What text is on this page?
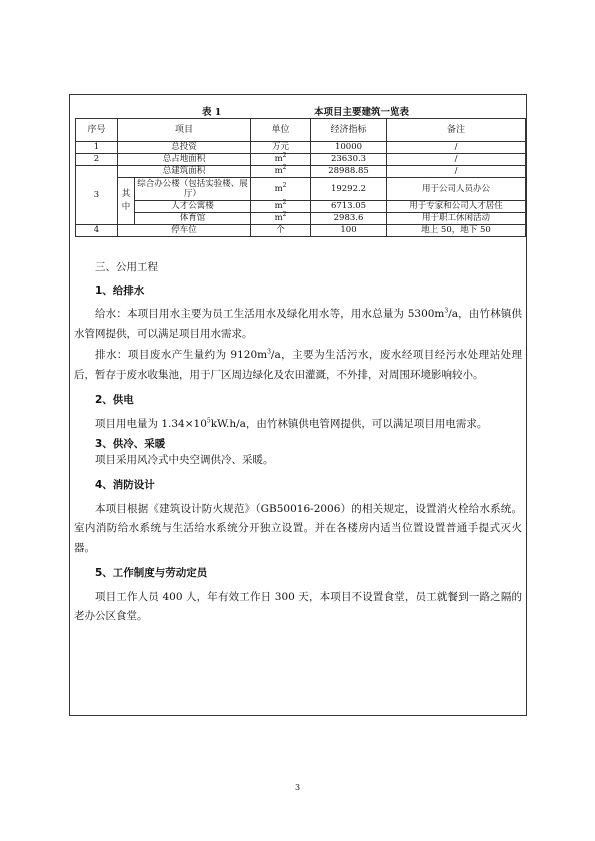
表 1	本项目主要建筑一览表
序号	项目		单位	经济指标	备注
1	总投资		万元	10000	/
2	总占地面积		$m^2$	23630.3	/
3	总建筑面积		$m^2$	28988.85	/
	其中	综合办公楼（包括实验楼、展厅）	$m^2$	19292.2	用于公司人员办公
		人才公寓楼	$m^2$	6713.05	用于专家和公司人才居住
		体育馆	$m^2$	2983.6	用于职工休闲活动
4	停车位		个	100	地上 50，地下 50
三、公用工程
1、给排水

给水：本项目用水主要为员工生活用水及绿化用水等，用水总量为 $5300m^3/a$，由竹林镇供水管网提供，可以满足项目用水需求。

排水：项目废水产生量约为 $9120m^3/a$，主要为生活污水，废水经项目经污水处理站处理后，暂存于废水收集池，用于厂区周边绿化及农田灌溉，不外排，对周围环境影响较小。

2、供电

项目用电量为 $1.34\times 10^5kW.h/a$，由竹林镇供电管网提供，可以满足项目用电需求。

3、供冷、采暖

项目采用风冷式中央空调供冷、采暖。

4、消防设计

本项目根据《建筑设计防火规范》（GB50016-2006）的相关规定，设置消火栓给水系统。室内消防给水系统与生活给水系统分开独立设置。并在各楼房内适当位置设置普通手提式灭火器。

5、工作制度与劳动定员

项目工作人员 400 人，年有效工作日 300 天，本项目不设置食堂，员工就餐到一路之隔的老办公区食堂。

3
